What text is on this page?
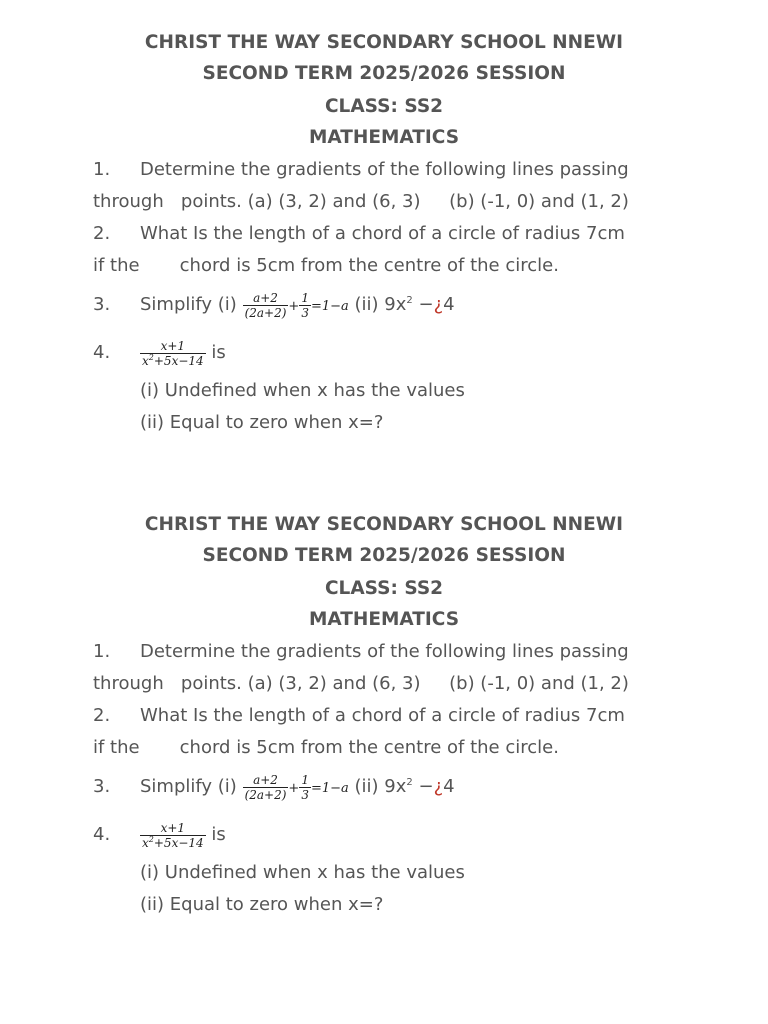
CHRIST THE WAY SECONDARY SCHOOL NNEWI
SECOND TERM 2025/2026 SESSION
CLASS: SS2
MATHEMATICS
1. Determine the gradients of the following lines passing
through   points. (a) (3, 2) and (6, 3)     (b) (-1, 0) and (1, 2)
2. What Is the length of a chord of a circle of radius 7cm
if the       chord is 5cm from the centre of the circle.
3. Simplify $(i) \frac{a+2}{(2a+2)} + \frac{1}{3} =1-a$ (ii) $9x^2$ −¿4
4. $\frac{x+1}{x^2+5x-14}$ is
(i) Undefined when x has the values
(ii) Equal to zero when x=?
CHRIST THE WAY SECONDARY SCHOOL NNEWI
SECOND TERM 2025/2026 SESSION
CLASS: SS2
MATHEMATICS
1. Determine the gradients of the following lines passing
through   points. (a) (3, 2) and (6, 3)     (b) (-1, 0) and (1, 2)
2. What Is the length of a chord of a circle of radius 7cm
if the       chord is 5cm from the centre of the circle.
3. Simplify $(i) \frac{a+2}{(2a+2)} + \frac{1}{3} =1-a$ (ii) $9x^2$ −¿4
4. $\frac{x+1}{x^2+5x-14}$ is
(i) Undefined when x has the values
(ii) Equal to zero when x=?
